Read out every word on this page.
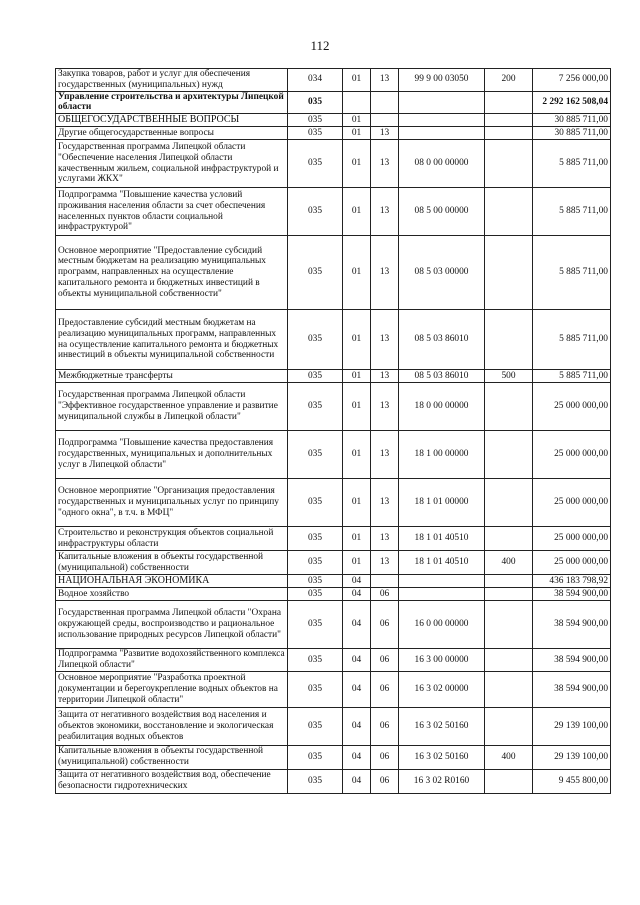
112
Закупка товаров, работ и услуг для обеспечения государственных (муниципальных) нужд	034	01	13	99 9 00 03050	200	7 256 000,00
Управление строительства и архитектуры Липецкой области	035					2 292 162 508,04
ОБЩЕГОСУДАРСТВЕННЫЕ ВОПРОСЫ	035	01				30 885 711,00
Другие общегосударственные вопросы	035	01	13			30 885 711,00
Государственная программа Липецкой области "Обеспечение населения Липецкой области качественным жильем, социальной инфраструктурой и услугами ЖКХ"	035	01	13	08 0 00 00000		5 885 711,00
Подпрограмма "Повышение качества условий проживания населения области за счет обеспечения населенных пунктов области социальной инфраструктурой"	035	01	13	08 5 00 00000		5 885 711,00
Основное мероприятие "Предоставление субсидий местным бюджетам на реализацию муниципальных программ, направленных на осуществление капитального ремонта и бюджетных инвестиций в объекты муниципальной собственности"	035	01	13	08 5 03 00000		5 885 711,00
Предоставление субсидий местным бюджетам на реализацию муниципальных программ, направленных на осуществление капитального ремонта и бюджетных инвестиций в объекты муниципальной собственности	035	01	13	08 5 03 86010		5 885 711,00
Межбюджетные трансферты	035	01	13	08 5 03 86010	500	5 885 711,00
Государственная программа Липецкой области "Эффективное государственное управление и развитие муниципальной службы в Липецкой области"	035	01	13	18 0 00 00000		25 000 000,00
Подпрограмма "Повышение качества предоставления государственных, муниципальных и дополнительных услуг в Липецкой области"	035	01	13	18 1 00 00000		25 000 000,00
Основное мероприятие "Организация предоставления государственных и муниципальных услуг по принципу "одного окна", в т.ч. в МФЦ"	035	01	13	18 1 01 00000		25 000 000,00
Строительство и реконструкция объектов социальной инфраструктуры области	035	01	13	18 1 01 40510		25 000 000,00
Капитальные вложения в объекты государственной (муниципальной) собственности	035	01	13	18 1 01 40510	400	25 000 000,00
НАЦИОНАЛЬНАЯ ЭКОНОМИКА	035	04				436 183 798,92
Водное хозяйство	035	04	06			38 594 900,00
Государственная программа Липецкой области "Охрана окружающей среды, воспроизводство и рациональное использование природных ресурсов Липецкой области"	035	04	06	16 0 00 00000		38 594 900,00
Подпрограмма "Развитие водохозяйственного комплекса Липецкой области"	035	04	06	16 3 00 00000		38 594 900,00
Основное мероприятие "Разработка проектной документации и берегоукрепление водных объектов на территории Липецкой области"	035	04	06	16 3 02 00000		38 594 900,00
Защита от негативного воздействия вод населения и объектов экономики, восстановление и экологическая реабилитация водных объектов	035	04	06	16 3 02 50160		29 139 100,00
Капитальные вложения в объекты государственной (муниципальной) собственности	035	04	06	16 3 02 50160	400	29 139 100,00
Защита от негативного воздействия вод, обеспечение безопасности гидротехнических	035	04	06	16 3 02 R0160		9 455 800,00
